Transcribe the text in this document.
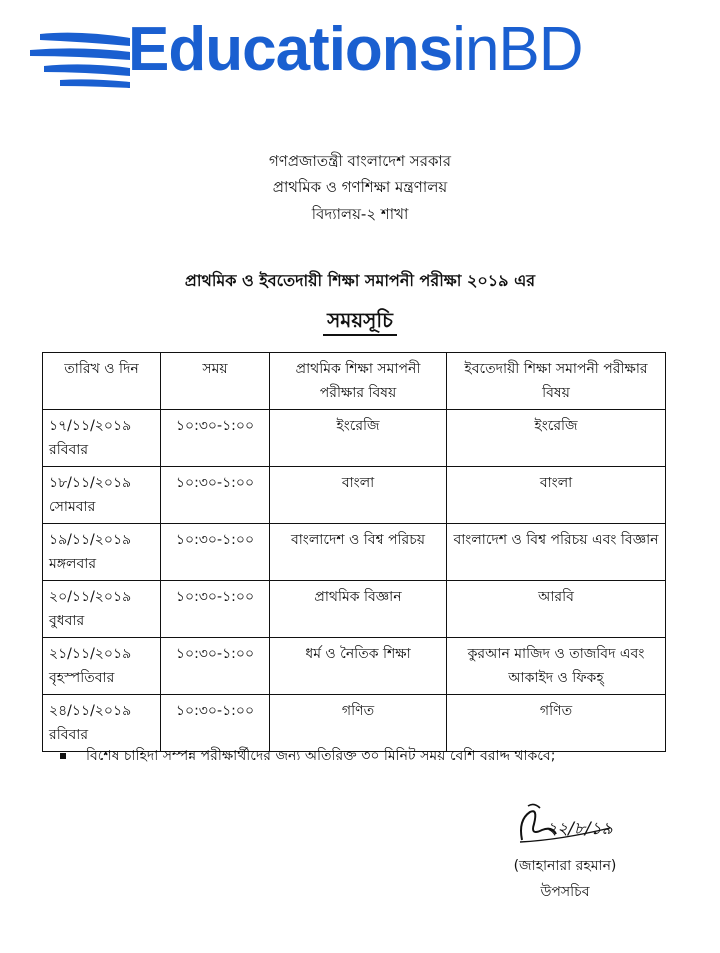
EducationsinBD
গণপ্রজাতন্ত্রী বাংলাদেশ সরকার
প্রাথমিক ও গণশিক্ষা মন্ত্রণালয়
বিদ্যালয়-২ শাখা
প্রাথমিক ও ইবতেদায়ী শিক্ষা সমাপনী পরীক্ষা ২০১৯ এর
সময়সূচি
তারিখ ও দিন	সময়	প্রাথমিক শিক্ষা সমাপনী পরীক্ষার বিষয়	ইবতেদায়ী শিক্ষা সমাপনী পরীক্ষার বিষয়

১৭/১১/২০১৯
রবিবার	১০:৩০-১:০০	ইংরেজি	ইংরেজি

১৮/১১/২০১৯
সোমবার	১০:৩০-১:০০	বাংলা	বাংলা

১৯/১১/২০১৯
মঙ্গলবার	১০:৩০-১:০০	বাংলাদেশ ও বিশ্ব পরিচয়	বাংলাদেশ ও বিশ্ব পরিচয় এবং বিজ্ঞান

২০/১১/২০১৯
বুধবার	১০:৩০-১:০০	প্রাথমিক বিজ্ঞান	আরবি

২১/১১/২০১৯
বৃহস্পতিবার	১০:৩০-১:০০	ধর্ম ও নৈতিক শিক্ষা	কুরআন মাজিদ ও তাজবিদ এবং আকাইদ ও ফিকহ্

২৪/১১/২০১৯
রবিবার	১০:৩০-১:০০	গণিত	গণিত
বিশেষ চাহিদা সম্পন্ন পরীক্ষার্থীদের জন্য অতিরিক্ত ৩০ মিনিট সময় বেশি বরাদ্দ থাকবে;
২২/৮/১৯
(জাহানারা রহমান)
উপসচিব
